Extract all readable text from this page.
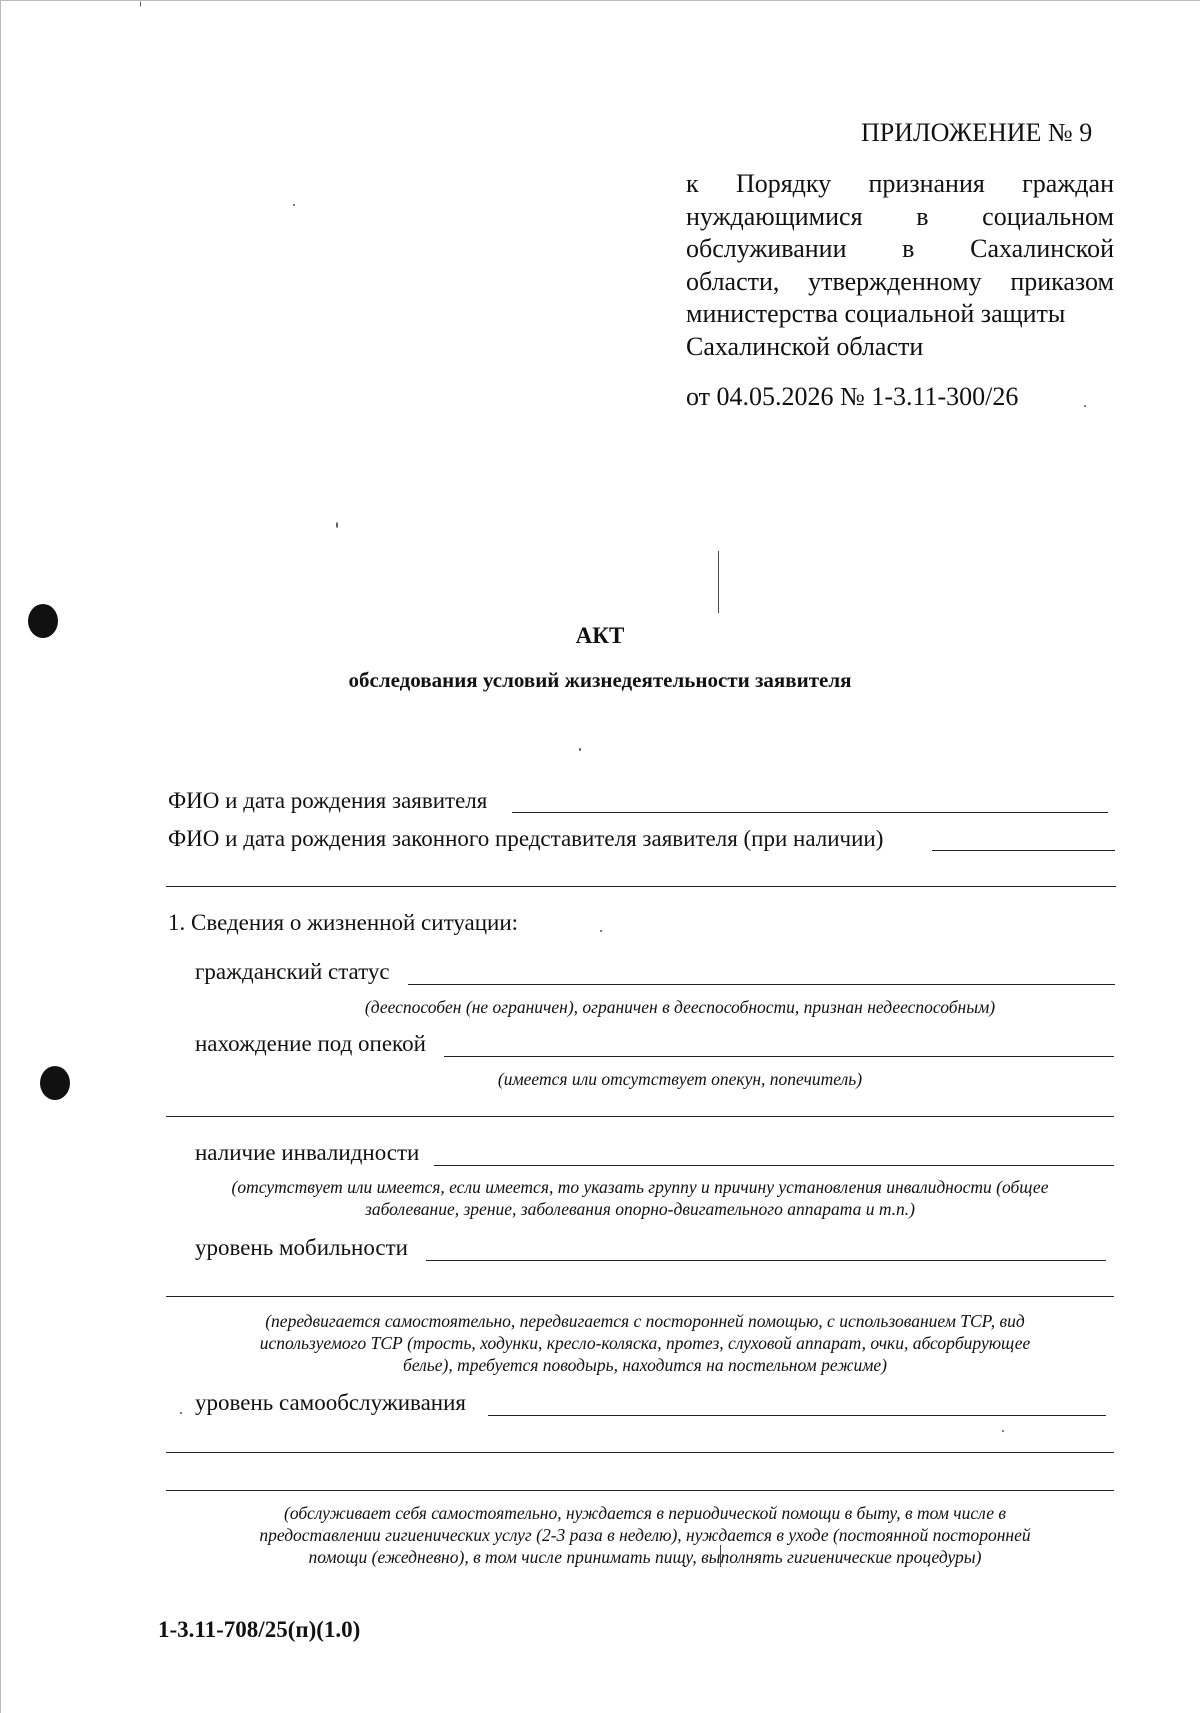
ПРИЛОЖЕНИЕ № 9
к Порядку признания граждан
нуждающимися в социальном
обслуживании в Сахалинской
области, утвержденному приказом
министерства социальной защиты
Сахалинской области
от 04.05.2026 № 1-3.11-300/26
АКТ
обследования условий жизнедеятельности заявителя
ФИО и дата рождения заявителя
ФИО и дата рождения законного представителя заявителя (при наличии)
1. Сведения о жизненной ситуации:
гражданский статус
(дееспособен (не ограничен), ограничен в дееспособности, признан недееспособным)
нахождение под опекой
(имеется или отсутствует опекун, попечитель)
наличие инвалидности
(отсутствует или имеется, если имеется, то указать группу и причину установления инвалидности (общее
заболевание, зрение, заболевания опорно-двигательного аппарата и т.п.)
уровень мобильности
(передвигается самостоятельно, передвигается с посторонней помощью, с использованием ТСР, вид
используемого ТСР (трость, ходунки, кресло-коляска, протез, слуховой аппарат, очки, абсорбирующее
белье), требуется поводырь, находится на постельном режиме)
уровень самообслуживания
(обслуживает себя самостоятельно, нуждается в периодической помощи в быту, в том числе в
предоставлении гигиенических услуг (2-3 раза в неделю), нуждается в уходе (постоянной посторонней
помощи (ежедневно), в том числе принимать пищу, выполнять гигиенические процедуры)
1-3.11-708/25(п)(1.0)
